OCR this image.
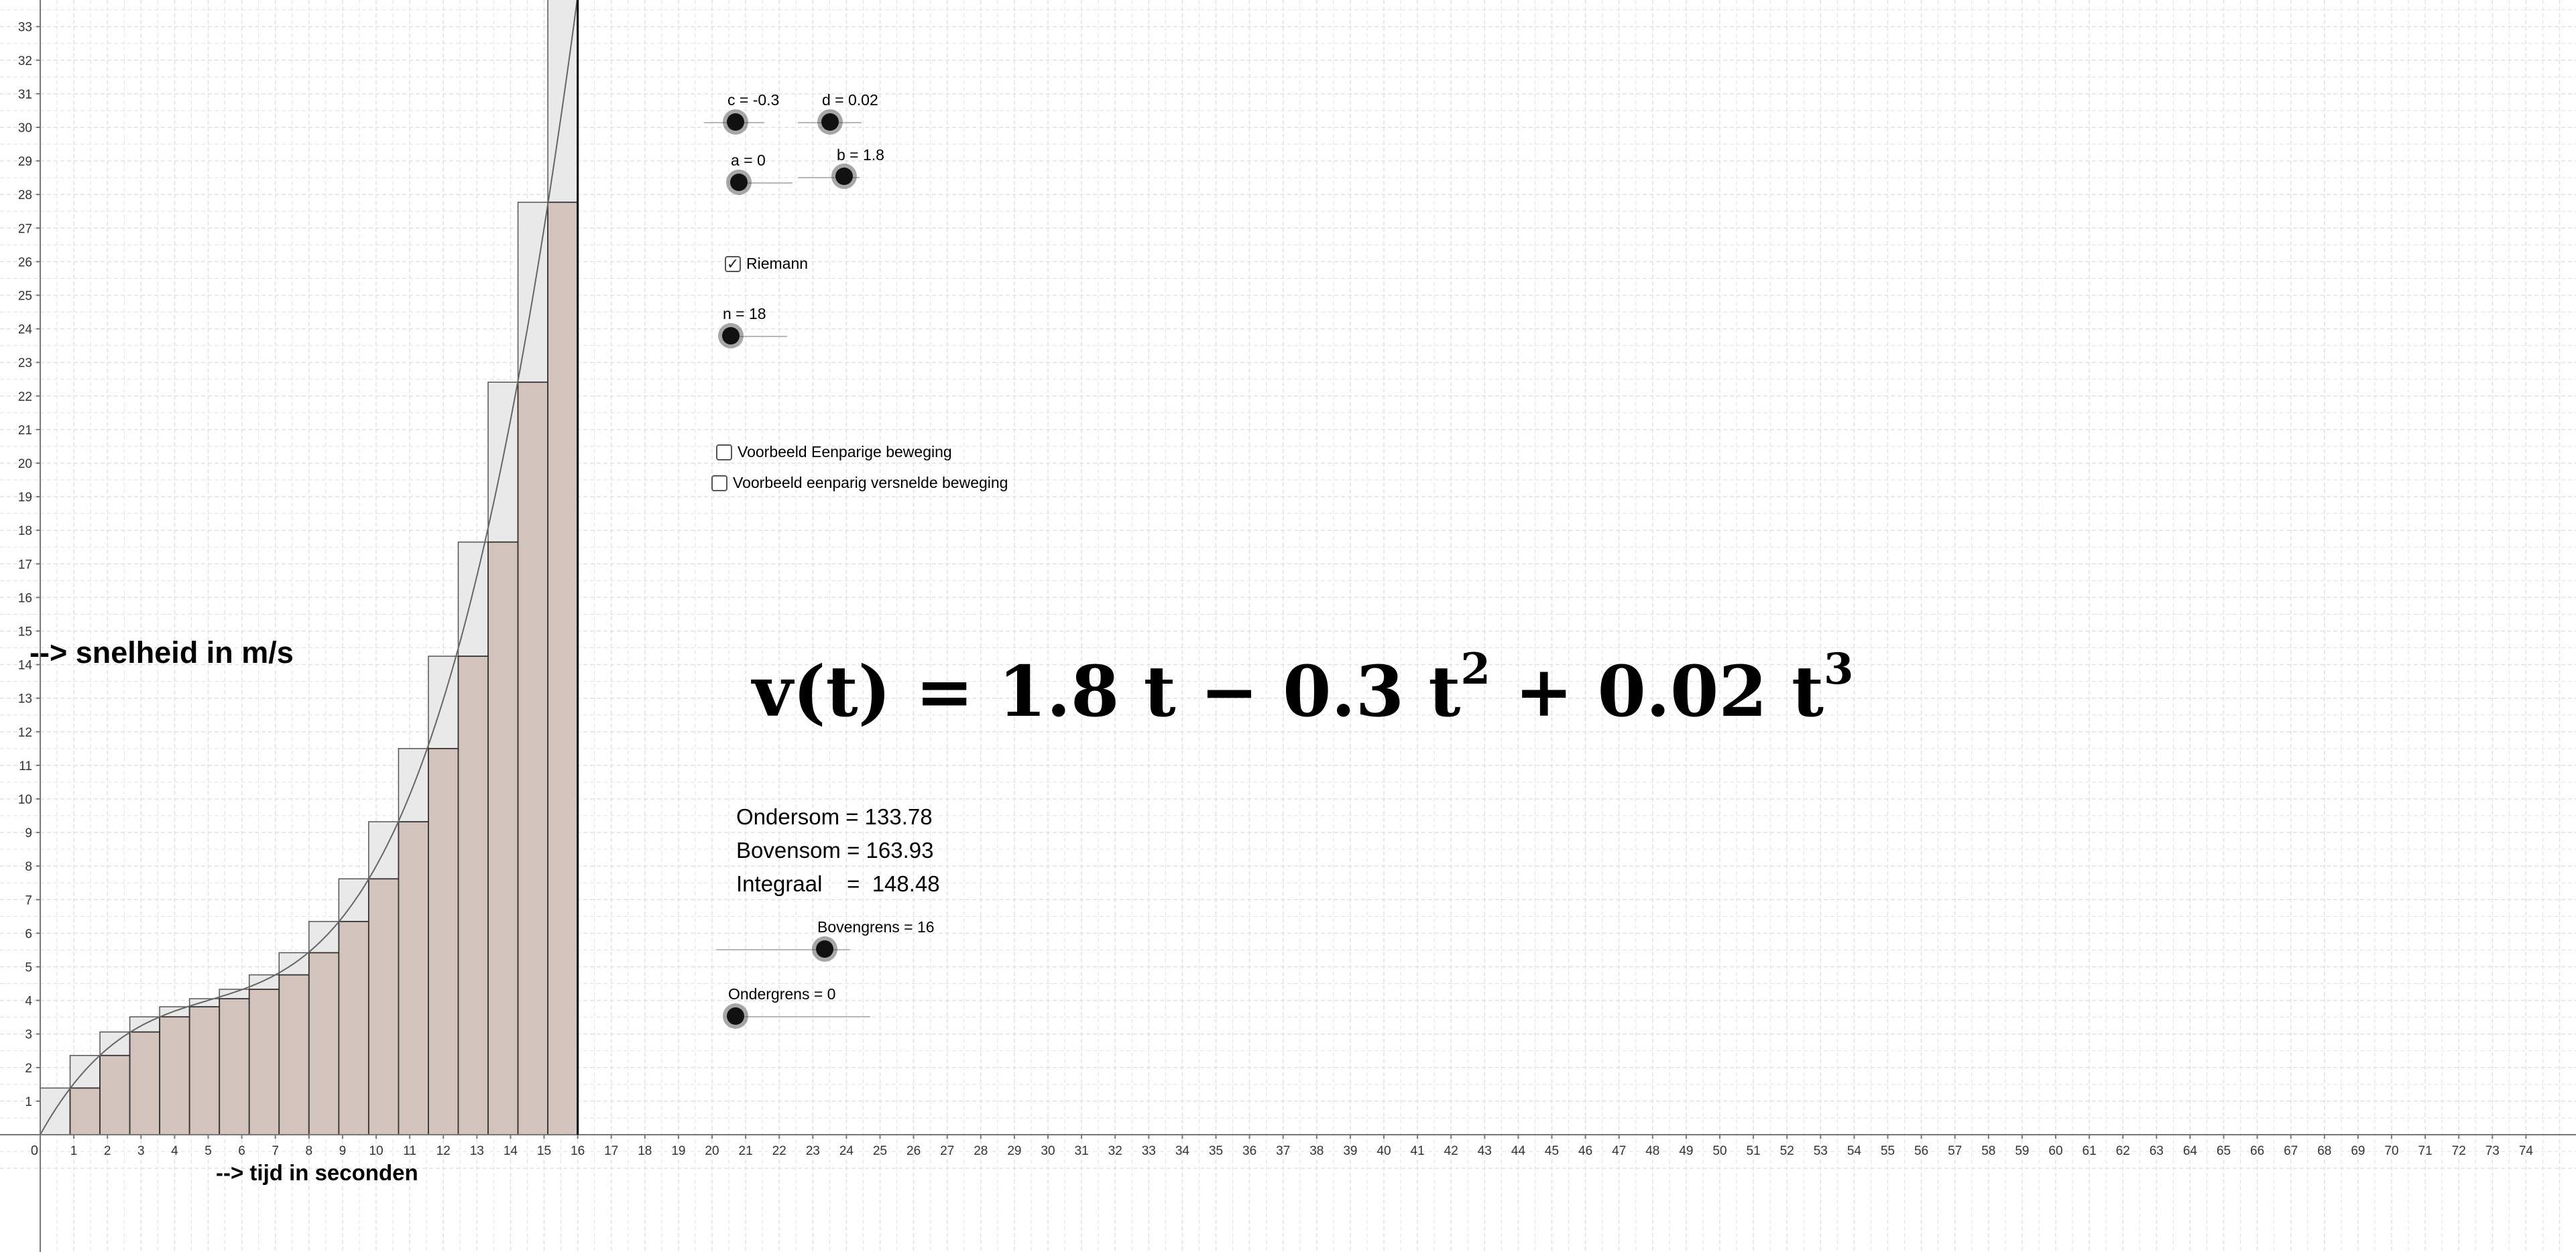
0	1 2 3 4 5 6 7 8 9 10 11 12 13 14 15 16 17 18 19 20 21 22 23 24 25 26 27 28 29 30 31 32 33 34 35 36 37 38 39 40 41 42 43 44 45 46 47 48 49 50 51 52 53 54 55 56 57 58 59 60 61 62 63 64 65 66 67 68 69 70 71 72 73 74
1
2
3
4
5
6
7
8
9
10
11
12
13
14
15
16
17
18
19
20
21
22
23
24
25
26
27
28
29
30
31
32
33
c = -0.3	d = 0.02
a = 0	b = 1.8
✓ Riemann
n = 18
Voorbeeld Eenparige beweging
Voorbeeld eenparig versnelde beweging
v(t) = 1.8 t − 0.3 $t^2 + 0.02$ $t^3$
Ondersom = 133.78
Bovensom = 163.93
Integraal    =  148.48
Bovengrens = 16
Ondergrens = 0
--> snelheid in m/s
--> tijd in seconden
